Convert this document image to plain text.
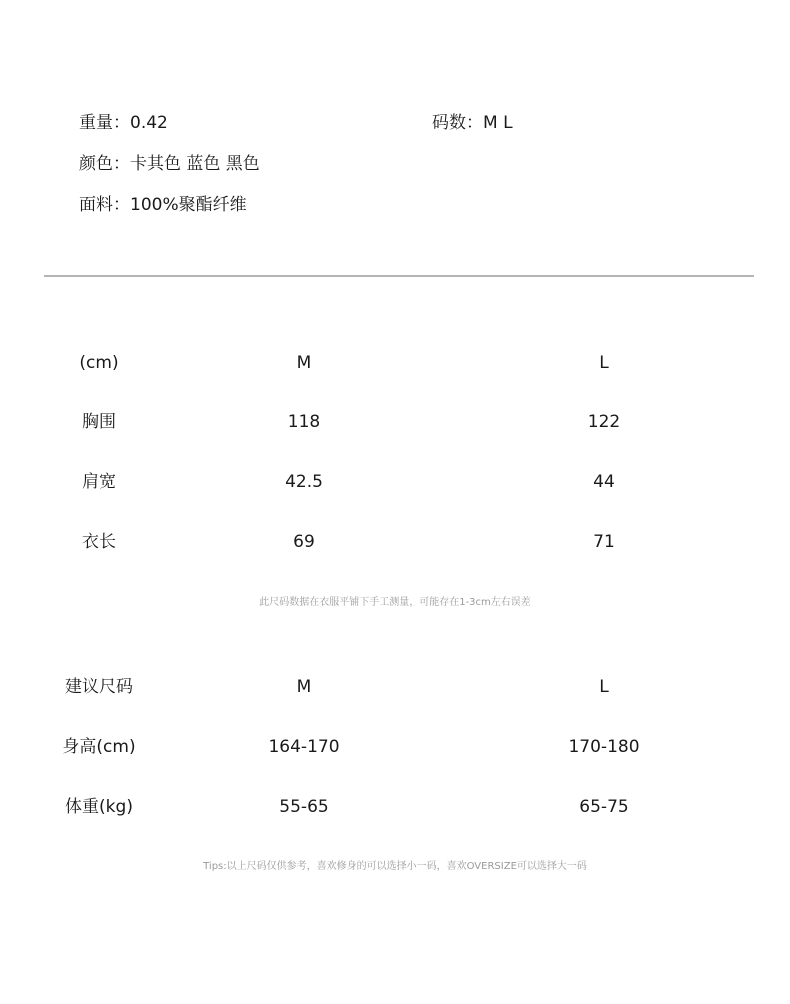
重量：0.42	码数：M L
颜色：卡其色 蓝色 黑色
面料：100%聚酯纤维
(cm)	M	L
胸围	118	122
肩宽	42.5	44
衣长	69	71
此尺码数据在衣服平铺下手工测量，可能存在1-3cm左右误差
建议尺码	M	L
身高(cm)	164-170	170-180
体重(kg)	55-65	65-75
Tips:以上尺码仅供参考，喜欢修身的可以选择小一码，喜欢OVERSIZE可以选择大一码
